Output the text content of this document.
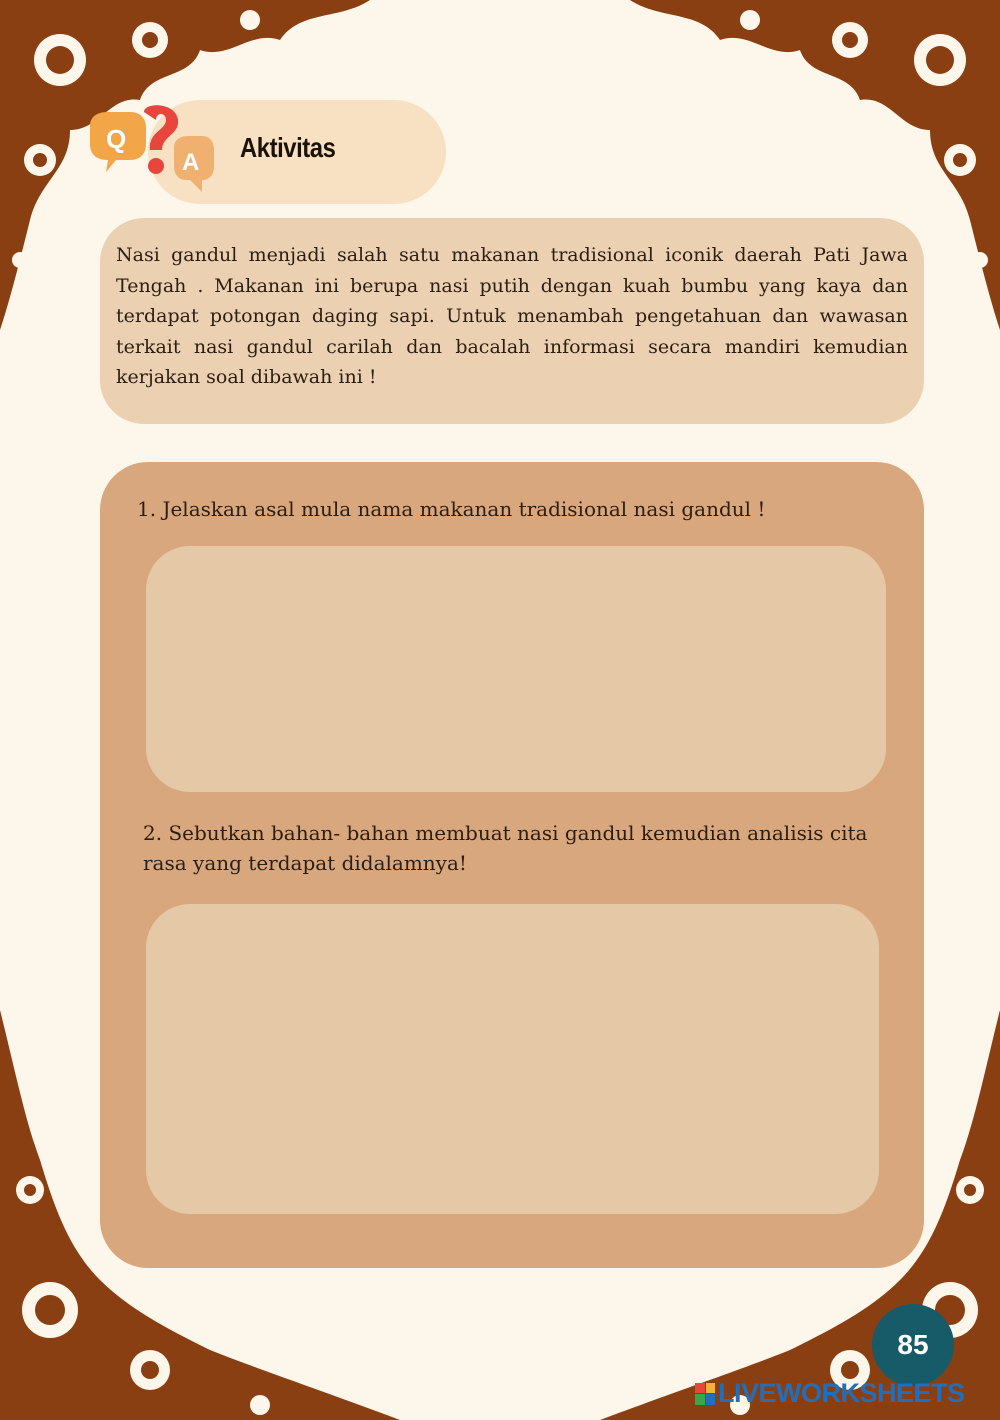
Q
A Aktivitas

Nasi gandul menjadi salah satu makanan tradisional iconik daerah Pati Jawa Tengah . Makanan ini berupa nasi putih dengan kuah bumbu yang kaya dan terdapat potongan daging sapi. Untuk menambah pengetahuan dan wawasan terkait nasi gandul carilah dan bacalah informasi secara mandiri kemudian kerjakan soal dibawah ini !

1. Jelaskan asal mula nama makanan tradisional nasi gandul !
2. Sebutkan bahan- bahan membuat nasi gandul kemudian analisis cita rasa yang terdapat didalamnya!
85
LIVEWORKSHEETS
